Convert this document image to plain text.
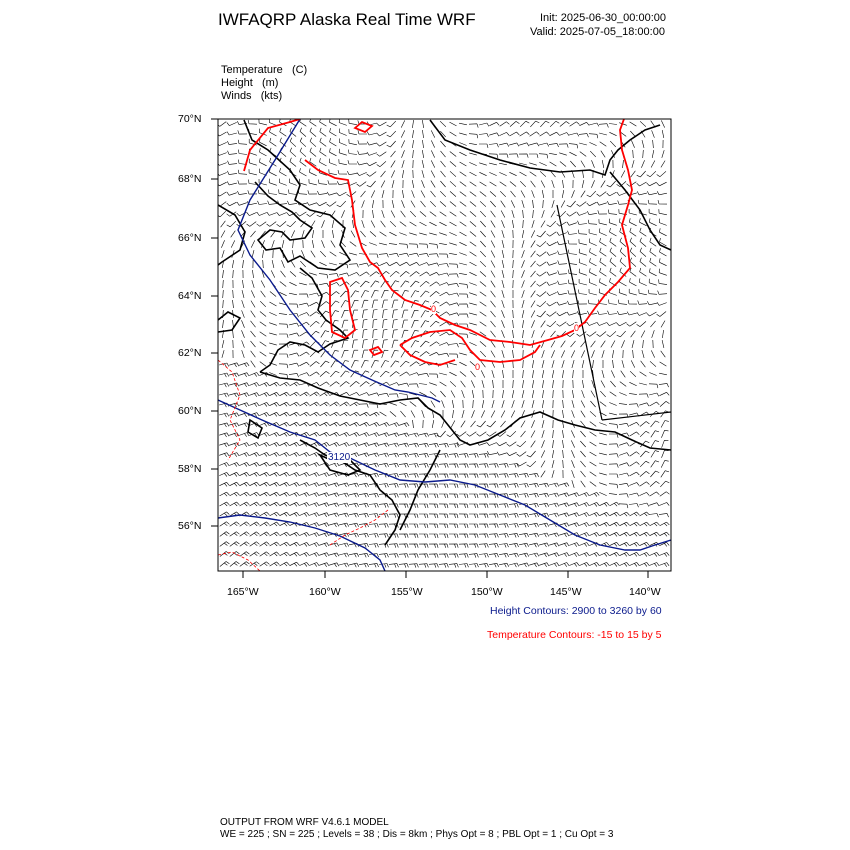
IWFAQRP Alaska Real Time WRF	Init: 2025-06-30_00:00:00
Valid: 2025-07-05_18:00:00
Temperature (C)
Height (m)
Winds (kts)
70°N
68°N
66°N
64°N
62°N
60°N
58°N
56°N
165°W	160°W	155°W	150°W	145°W	140°W
3120
0
0
0
Height Contours: 2900 to 3260 by 60
Temperature Contours: -15 to 15 by 5
OUTPUT FROM WRF V4.6.1 MODEL
WE = 225 ; SN = 225 ; Levels = 38 ; Dis = 8km ; Phys Opt = 8 ; PBL Opt = 1 ; Cu Opt = 3
